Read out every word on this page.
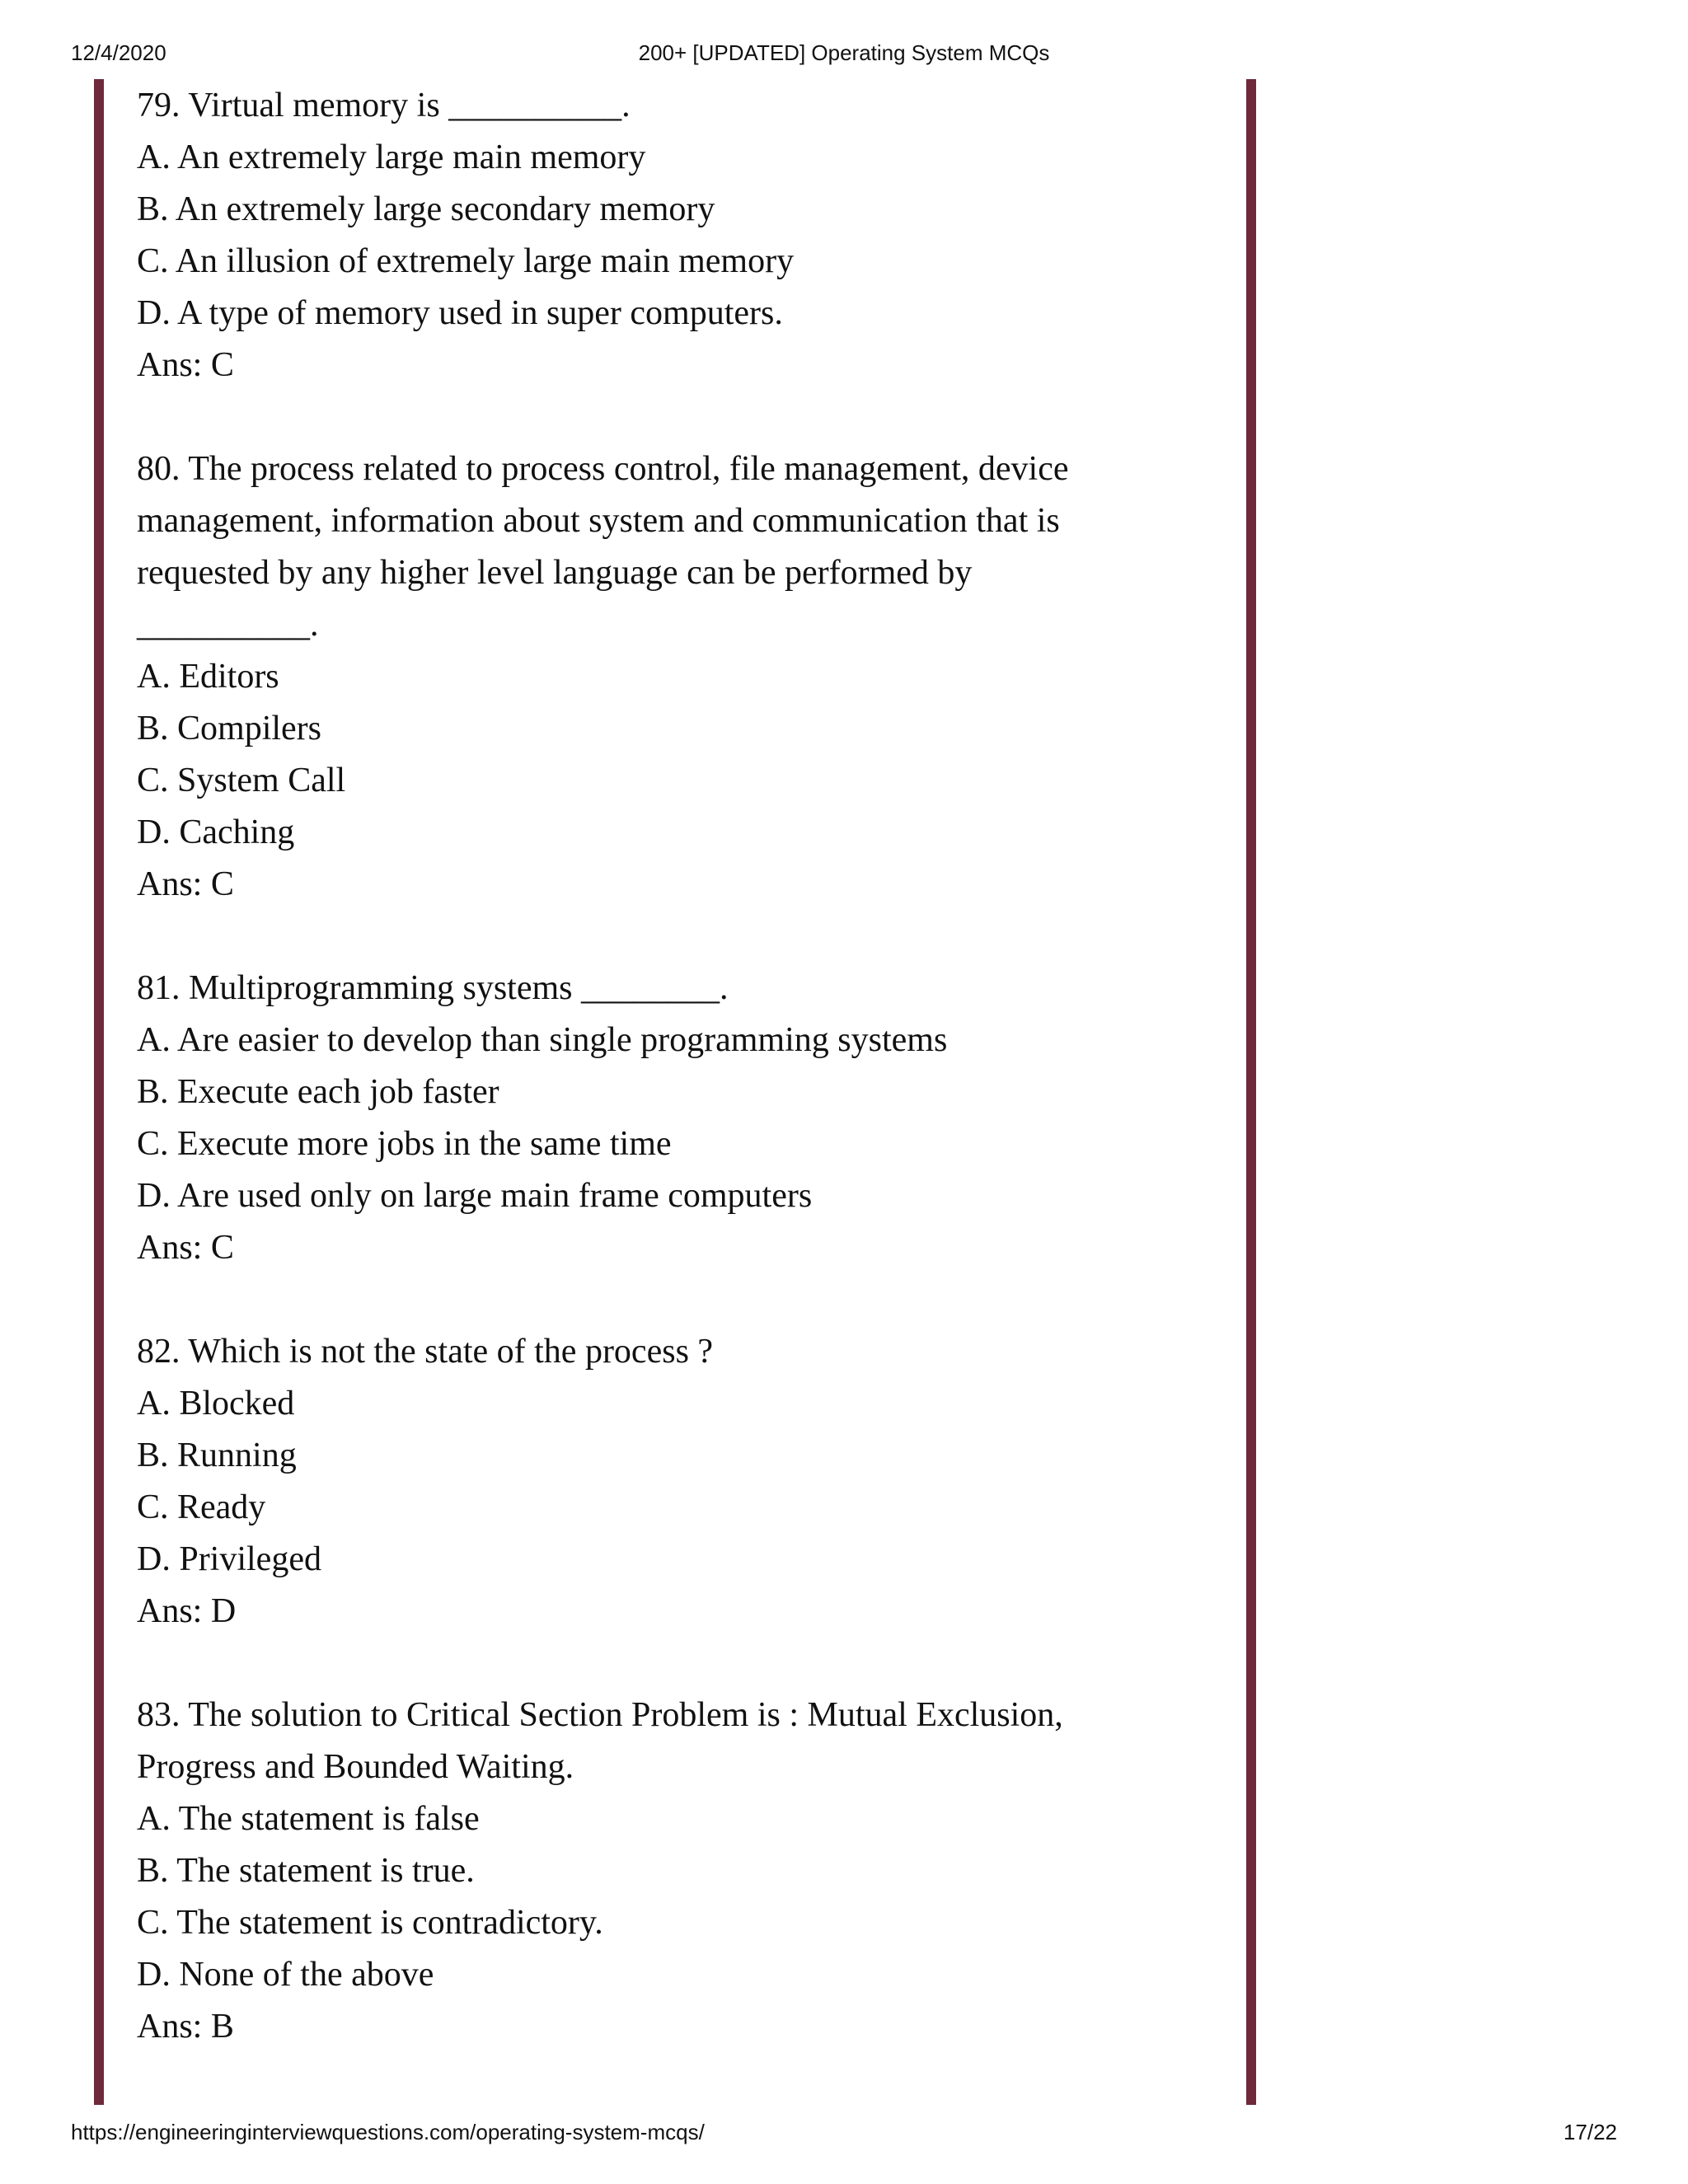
12/4/2020	200+ [UPDATED] Operating System MCQs
79. Virtual memory is __________.
A. An extremely large main memory
B. An extremely large secondary memory
C. An illusion of extremely large main memory
D. A type of memory used in super computers.
Ans: C
80. The process related to process control, file management, device
management, information about system and communication that is
requested by any higher level language can be performed by
__________.
A. Editors
B. Compilers
C. System Call
D. Caching
Ans: C
81. Multiprogramming systems ________.
A. Are easier to develop than single programming systems
B. Execute each job faster
C. Execute more jobs in the same time
D. Are used only on large main frame computers
Ans: C
82. Which is not the state of the process ?
A. Blocked
B. Running
C. Ready
D. Privileged
Ans: D
83. The solution to Critical Section Problem is : Mutual Exclusion,
Progress and Bounded Waiting.
A. The statement is false
B. The statement is true.
C. The statement is contradictory.
D. None of the above
Ans: B
https://engineeringinterviewquestions.com/operating-system-mcqs/	17/22
